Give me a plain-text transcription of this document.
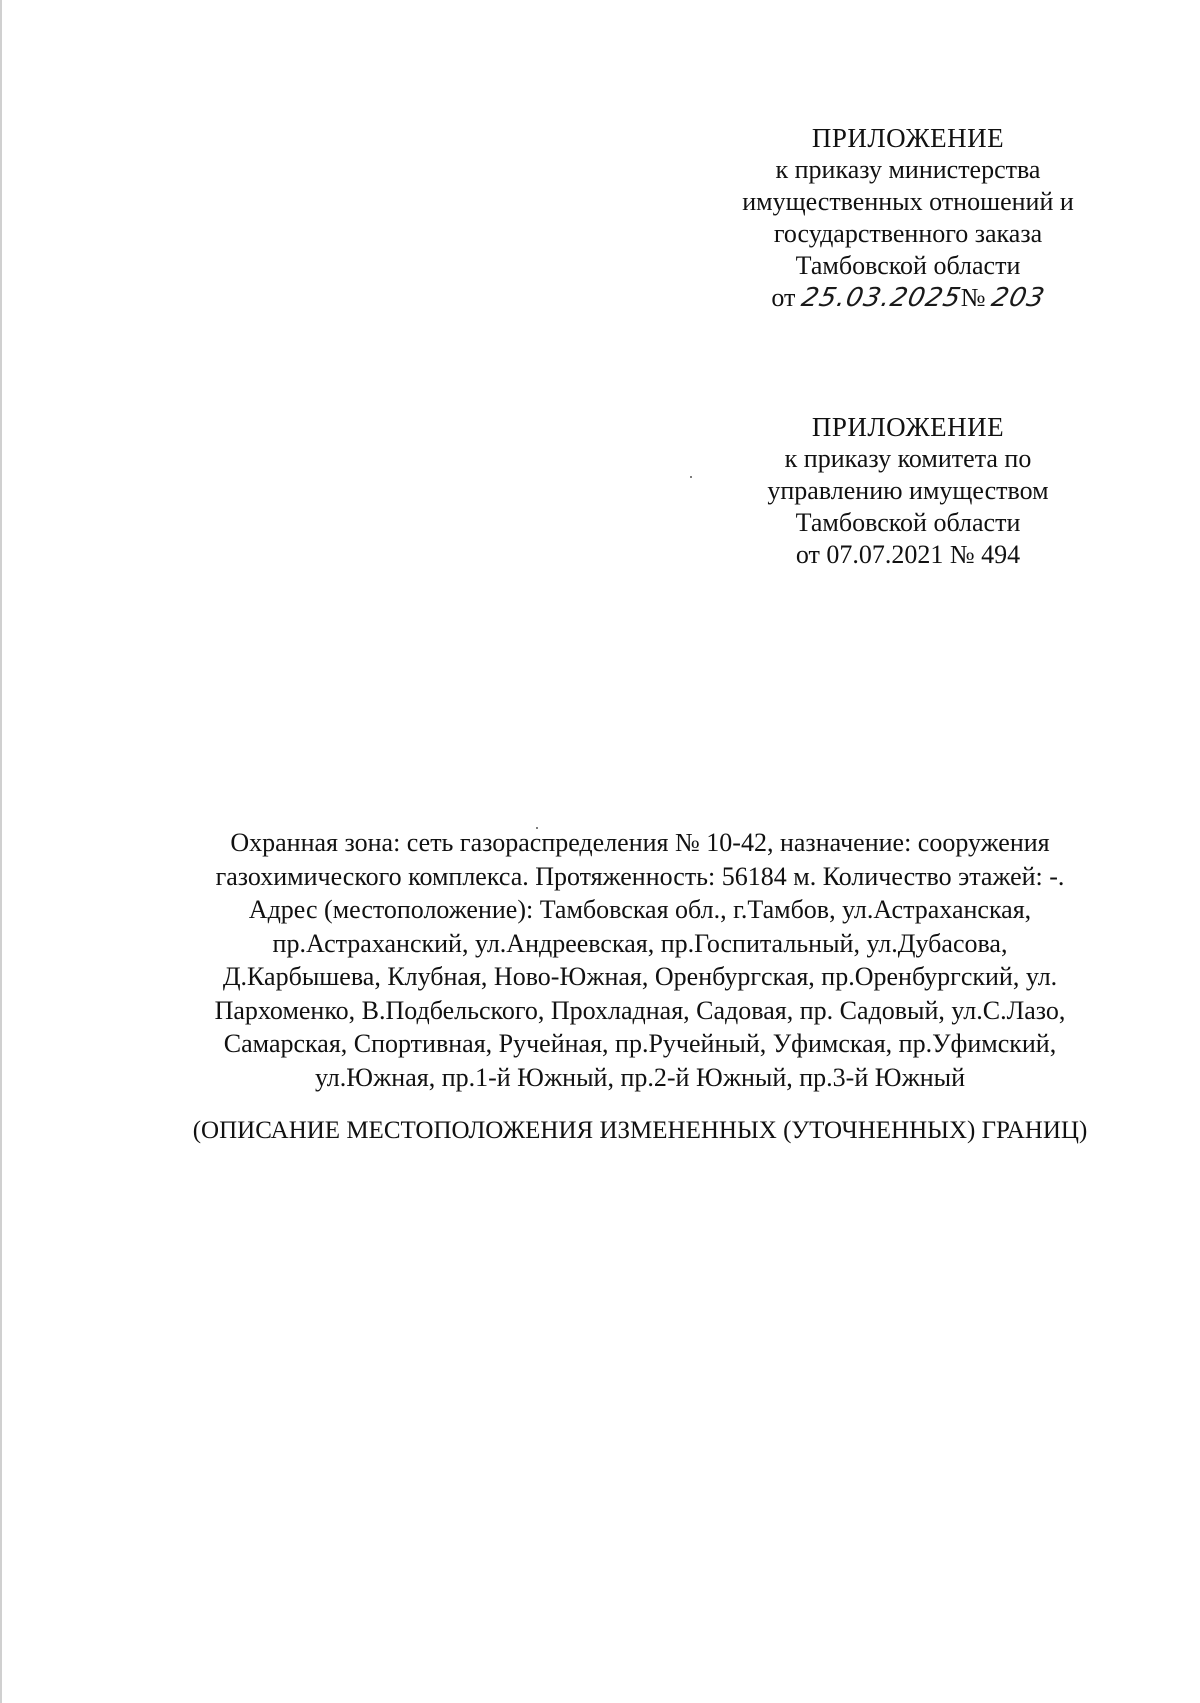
ПРИЛОЖЕНИЕ
к приказу министерства
имущественных отношений и
государственного заказа
Тамбовской области
от 25.03.2025№ 203
ПРИЛОЖЕНИЕ
к приказу комитета по
управлению имуществом
Тамбовской области
от 07.07.2021 № 494
Охранная зона: сеть газораспределения № 10-42, назначение: сооружения
газохимического комплекса. Протяженность: 56184 м. Количество этажей: -.
Адрес (местоположение): Тамбовская обл., г.Тамбов, ул.Астраханская,
пр.Астраханский, ул.Андреевская, пр.Госпитальный, ул.Дубасова,
Д.Карбышева, Клубная, Ново-Южная, Оренбургская, пр.Оренбургский, ул.
Пархоменко, В.Подбельского, Прохладная, Садовая, пр. Садовый, ул.С.Лазо,
Самарская, Спортивная, Ручейная, пр.Ручейный, Уфимская, пр.Уфимский,
ул.Южная, пр.1-й Южный, пр.2-й Южный, пр.3-й Южный
(ОПИСАНИЕ МЕСТОПОЛОЖЕНИЯ ИЗМЕНЕННЫХ (УТОЧНЕННЫХ) ГРАНИЦ)
